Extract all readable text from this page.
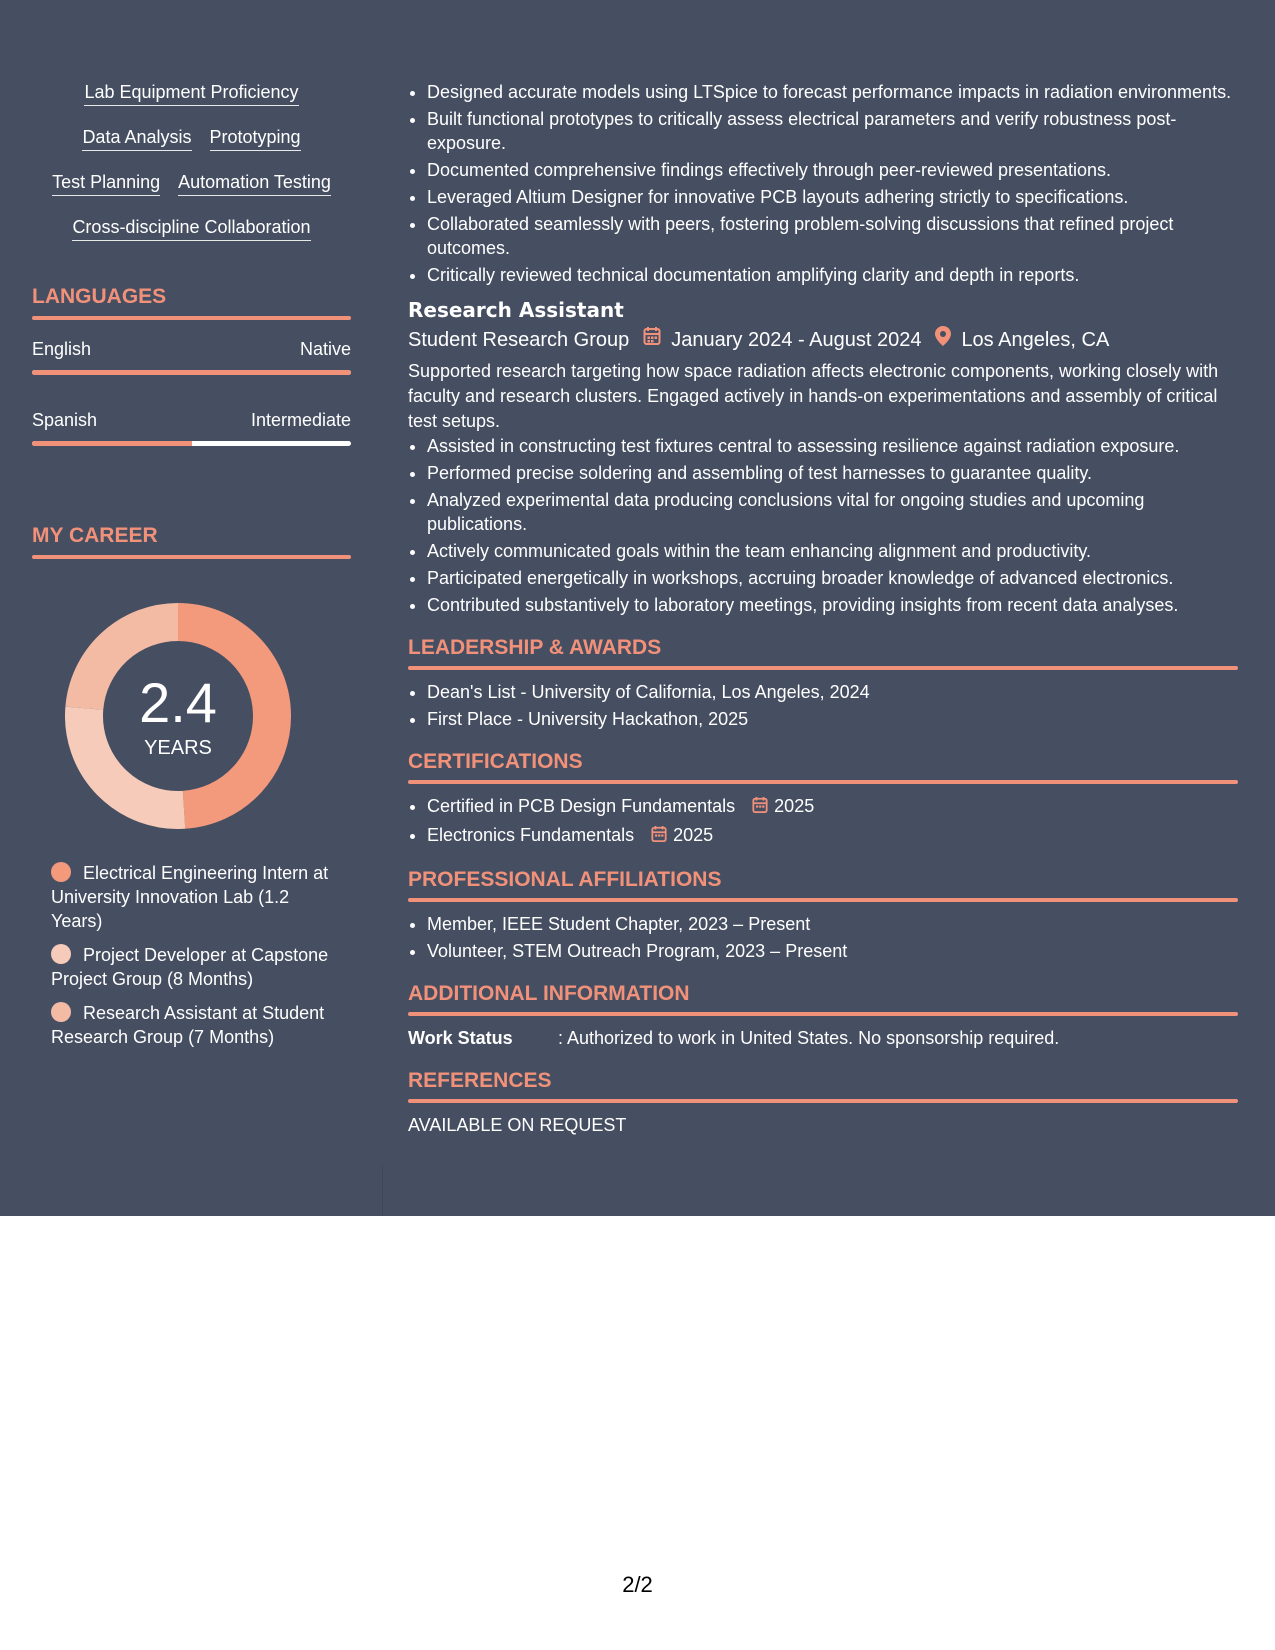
Lab Equipment Proficiency
Data Analysis Prototyping
Test Planning Automation Testing
Cross-discipline Collaboration
LANGUAGES
English	Native
Spanish	Intermediate
MY CAREER
2.4
YEARS
Electrical Engineering Intern at University Innovation Lab (1.2 Years)
Project Developer at Capstone Project Group (8 Months)
Research Assistant at Student Research Group (7 Months)
• Designed accurate models using LTSpice to forecast performance impacts in radiation environments.
• Built functional prototypes to critically assess electrical parameters and verify robustness post-exposure.
• Documented comprehensive findings effectively through peer-reviewed presentations.
• Leveraged Altium Designer for innovative PCB layouts adhering strictly to specifications.
• Collaborated seamlessly with peers, fostering problem-solving discussions that refined project outcomes.
• Critically reviewed technical documentation amplifying clarity and depth in reports.
Research Assistant
Student Research Group January 2024 - August 2024 Los Angeles, CA
Supported research targeting how space radiation affects electronic components, working closely with faculty and research clusters. Engaged actively in hands-on experimentations and assembly of critical test setups.
• Assisted in constructing test fixtures central to assessing resilience against radiation exposure.
• Performed precise soldering and assembling of test harnesses to guarantee quality.
• Analyzed experimental data producing conclusions vital for ongoing studies and upcoming publications.
• Actively communicated goals within the team enhancing alignment and productivity.
• Participated energetically in workshops, accruing broader knowledge of advanced electronics.
• Contributed substantively to laboratory meetings, providing insights from recent data analyses.
LEADERSHIP & AWARDS
• Dean's List - University of California, Los Angeles, 2024
• First Place - University Hackathon, 2025
CERTIFICATIONS
• Certified in PCB Design Fundamentals 2025
• Electronics Fundamentals 2025
PROFESSIONAL AFFILIATIONS
• Member, IEEE Student Chapter, 2023 – Present
• Volunteer, STEM Outreach Program, 2023 – Present
ADDITIONAL INFORMATION
Work Status	: Authorized to work in United States. No sponsorship required.
REFERENCES
AVAILABLE ON REQUEST
2/2
